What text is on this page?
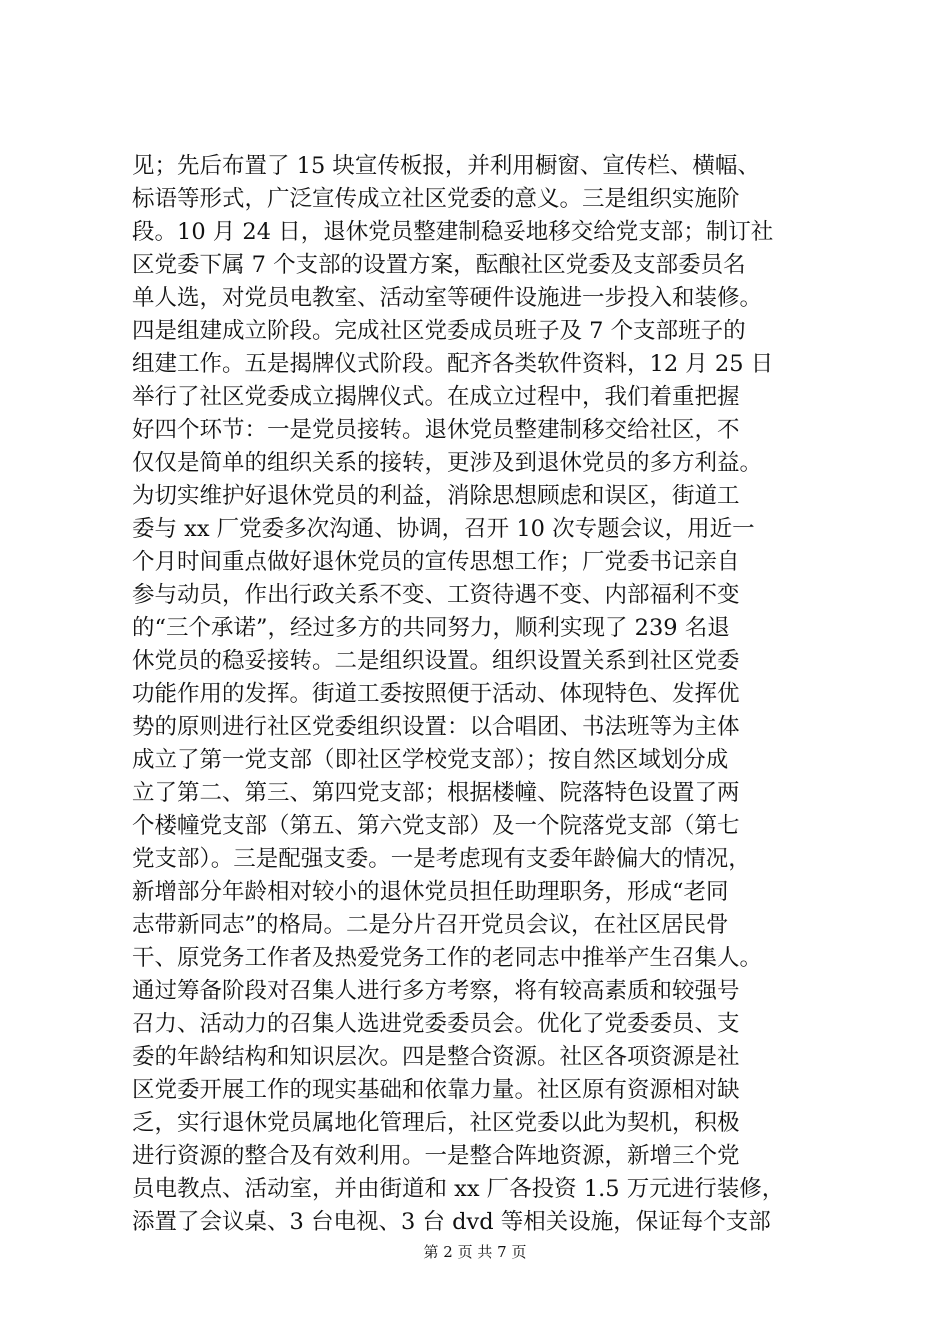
见；先后布置了 15 块宣传板报，并利用橱窗、宣传栏、横幅、
标语等形式，广泛宣传成立社区党委的意义。三是组织实施阶
段。10 月 24 日，退休党员整建制稳妥地移交给党支部；制订社
区党委下属 7 个支部的设置方案，酝酿社区党委及支部委员名
单人选，对党员电教室、活动室等硬件设施进一步投入和装修。
四是组建成立阶段。完成社区党委成员班子及 7 个支部班子的
组建工作。五是揭牌仪式阶段。配齐各类软件资料，12 月 25 日
举行了社区党委成立揭牌仪式。在成立过程中，我们着重把握
好四个环节：一是党员接转。退休党员整建制移交给社区，不
仅仅是简单的组织关系的接转，更涉及到退休党员的多方利益。
为切实维护好退休党员的利益，消除思想顾虑和误区，街道工
委与 xx 厂党委多次沟通、协调，召开 10 次专题会议，用近一
个月时间重点做好退休党员的宣传思想工作；厂党委书记亲自
参与动员，作出行政关系不变、工资待遇不变、内部福利不变
的“三个承诺”，经过多方的共同努力，顺利实现了 239 名退
休党员的稳妥接转。二是组织设置。组织设置关系到社区党委
功能作用的发挥。街道工委按照便于活动、体现特色、发挥优
势的原则进行社区党委组织设置：以合唱团、书法班等为主体
成立了第一党支部（即社区学校党支部）；按自然区域划分成
立了第二、第三、第四党支部；根据楼幢、院落特色设置了两
个楼幢党支部（第五、第六党支部）及一个院落党支部（第七
党支部）。三是配强支委。一是考虑现有支委年龄偏大的情况，
新增部分年龄相对较小的退休党员担任助理职务，形成“老同
志带新同志”的格局。二是分片召开党员会议，在社区居民骨
干、原党务工作者及热爱党务工作的老同志中推举产生召集人。
通过筹备阶段对召集人进行多方考察，将有较高素质和较强号
召力、活动力的召集人选进党委委员会。优化了党委委员、支
委的年龄结构和知识层次。四是整合资源。社区各项资源是社
区党委开展工作的现实基础和依靠力量。社区原有资源相对缺
乏，实行退休党员属地化管理后，社区党委以此为契机，积极
进行资源的整合及有效利用。一是整合阵地资源，新增三个党
员电教点、活动室，并由街道和 xx 厂各投资 1.5 万元进行装修，
添置了会议桌、3 台电视、3 台 dvd 等相关设施，保证每个支部
第 2 页 共 7 页
